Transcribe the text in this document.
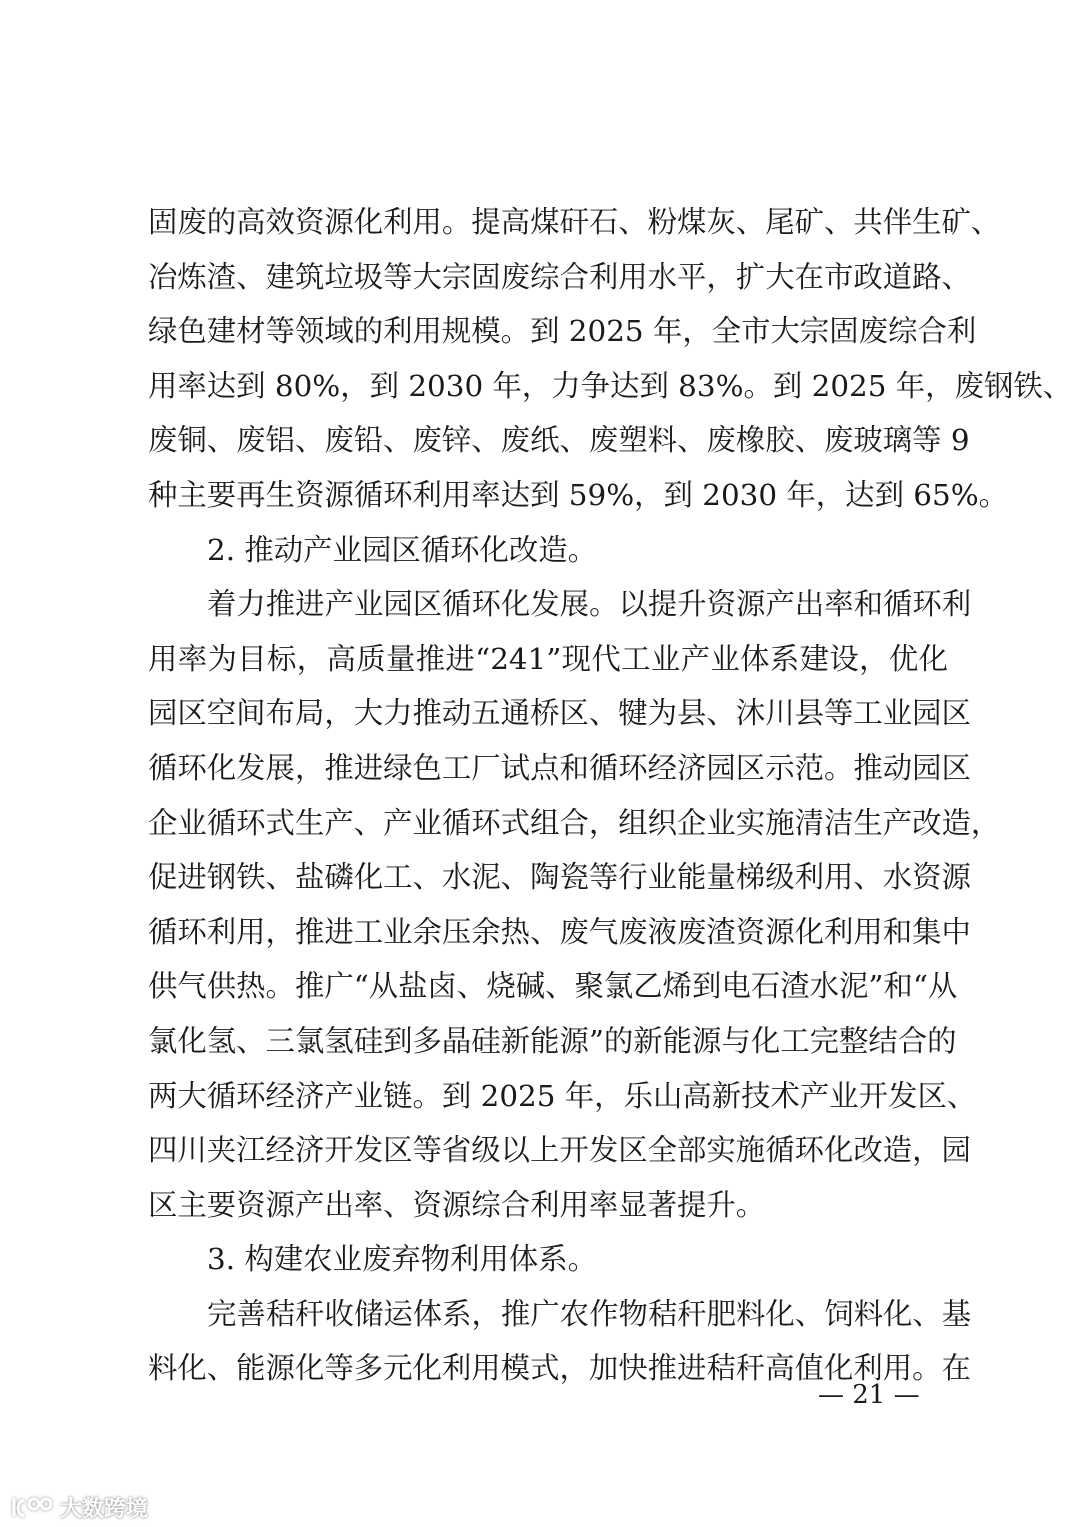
固废的高效资源化利用。提高煤矸石、粉煤灰、尾矿、共伴生矿、
冶炼渣、建筑垃圾等大宗固废综合利用水平，扩大在市政道路、
绿色建材等领域的利用规模。到 2025 年，全市大宗固废综合利
用率达到 80%，到 2030 年，力争达到 83%。到 2025 年，废钢铁、
废铜、废铝、废铅、废锌、废纸、废塑料、废橡胶、废玻璃等 9
种主要再生资源循环利用率达到 59%，到 2030 年，达到 65%。
2. 推动产业园区循环化改造。
着力推进产业园区循环化发展。以提升资源产出率和循环利
用率为目标，高质量推进“241”现代工业产业体系建设，优化
园区空间布局，大力推动五通桥区、犍为县、沐川县等工业园区
循环化发展，推进绿色工厂试点和循环经济园区示范。推动园区
企业循环式生产、产业循环式组合，组织企业实施清洁生产改造，
促进钢铁、盐磷化工、水泥、陶瓷等行业能量梯级利用、水资源
循环利用，推进工业余压余热、废气废液废渣资源化利用和集中
供气供热。推广“从盐卤、烧碱、聚氯乙烯到电石渣水泥”和“从
氯化氢、三氯氢硅到多晶硅新能源”的新能源与化工完整结合的
两大循环经济产业链。到 2025 年，乐山高新技术产业开发区、
四川夹江经济开发区等省级以上开发区全部实施循环化改造，园
区主要资源产出率、资源综合利用率显著提升。
3. 构建农业废弃物利用体系。
完善秸秆收储运体系，推广农作物秸秆肥料化、饲料化、基
料化、能源化等多元化利用模式，加快推进秸秆高值化利用。在
— 21 —
大数跨境
